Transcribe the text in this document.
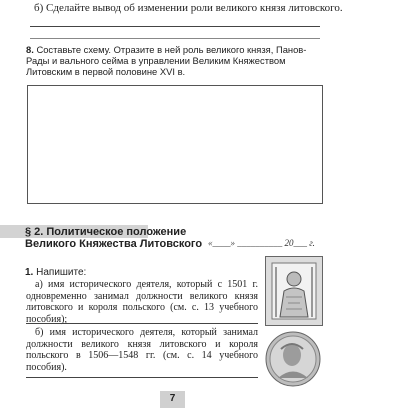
б) Сделайте вывод об изменении роли великого князя литовского.
8. Составьте схему. Отразите в ней роль великого князя, Панов-Рады и вального сейма в управлении Великим Княжеством Литовским в первой половине XVI в.
§ 2. Политическое положение Великого Княжества Литовского «____» __________ 20___ г.
1. Напишите:
а) имя исторического деятеля, который с 1501 г. одновременно занимал должности великого князя литовского и короля польского (см. с. 13 учебного пособия);
б) имя исторического деятеля, который занимал должности великого князя литовского и короля польского в 1506—1548 гг. (см. с. 14 учебного пособия).
7
